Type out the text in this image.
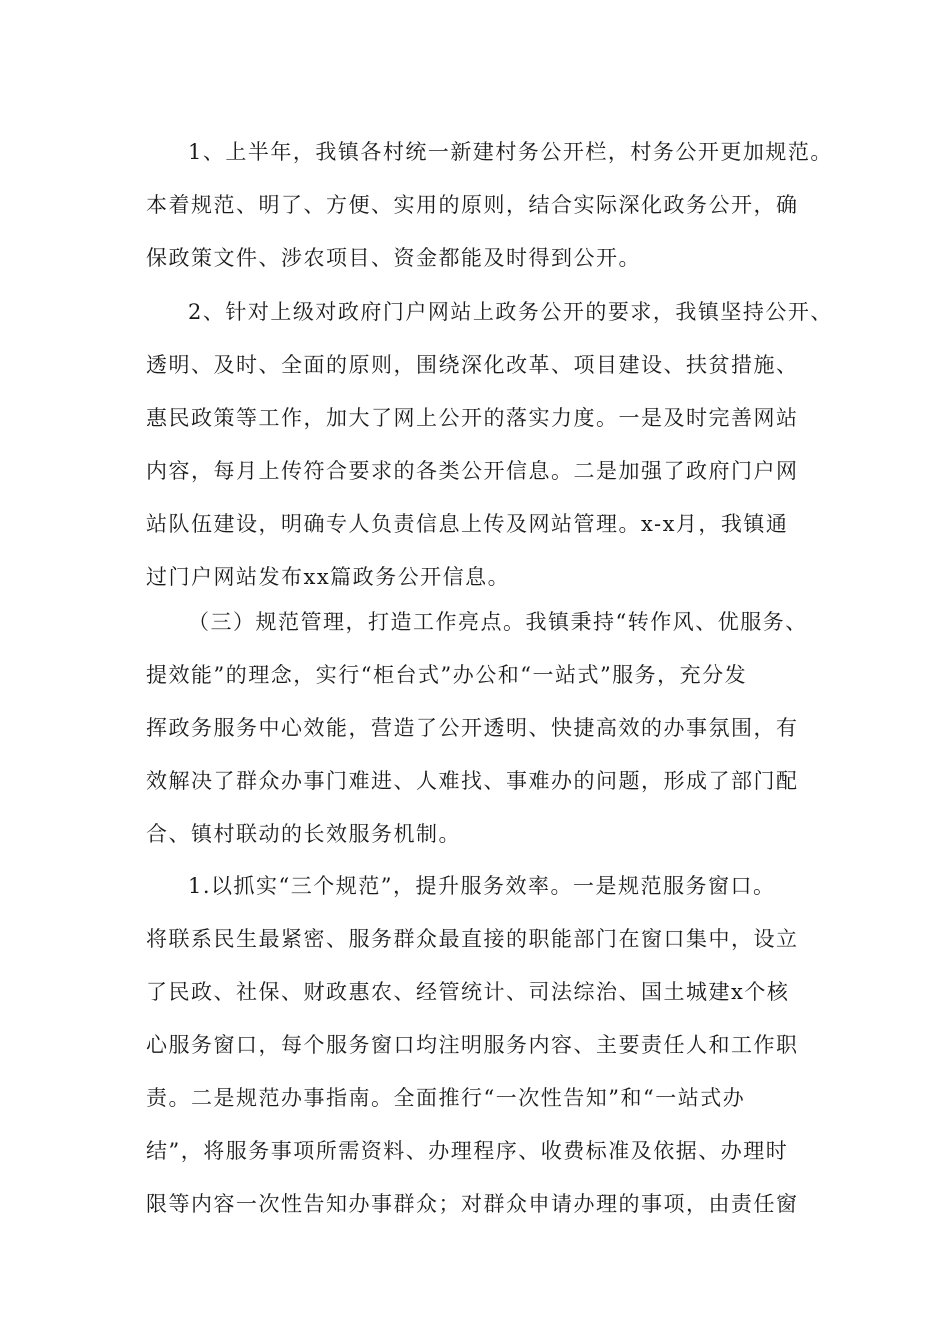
1、上半年，我镇各村统一新建村务公开栏，村务公开更加规范。
本着规范、明了、方便、实用的原则，结合实际深化政务公开，确
保政策文件、涉农项目、资金都能及时得到公开。
2、针对上级对政府门户网站上政务公开的要求，我镇坚持公开、
透明、及时、全面的原则，围绕深化改革、项目建设、扶贫措施、
惠民政策等工作，加大了网上公开的落实力度。一是及时完善网站
内容，每月上传符合要求的各类公开信息。二是加强了政府门户网
站队伍建设，明确专人负责信息上传及网站管理。x-x月，我镇通
过门户网站发布xx篇政务公开信息。
（三）规范管理，打造工作亮点。我镇秉持“转作风、优服务、
提效能”的理念，实行“柜台式”办公和“一站式”服务，充分发
挥政务服务中心效能，营造了公开透明、快捷高效的办事氛围，有
效解决了群众办事门难进、人难找、事难办的问题，形成了部门配
合、镇村联动的长效服务机制。
1.以抓实“三个规范”，提升服务效率。一是规范服务窗口。
将联系民生最紧密、服务群众最直接的职能部门在窗口集中，设立
了民政、社保、财政惠农、经管统计、司法综治、国土城建x个核
心服务窗口，每个服务窗口均注明服务内容、主要责任人和工作职
责。二是规范办事指南。全面推行“一次性告知”和“一站式办
结”，将服务事项所需资料、办理程序、收费标准及依据、办理时
限等内容一次性告知办事群众；对群众申请办理的事项，由责任窗
